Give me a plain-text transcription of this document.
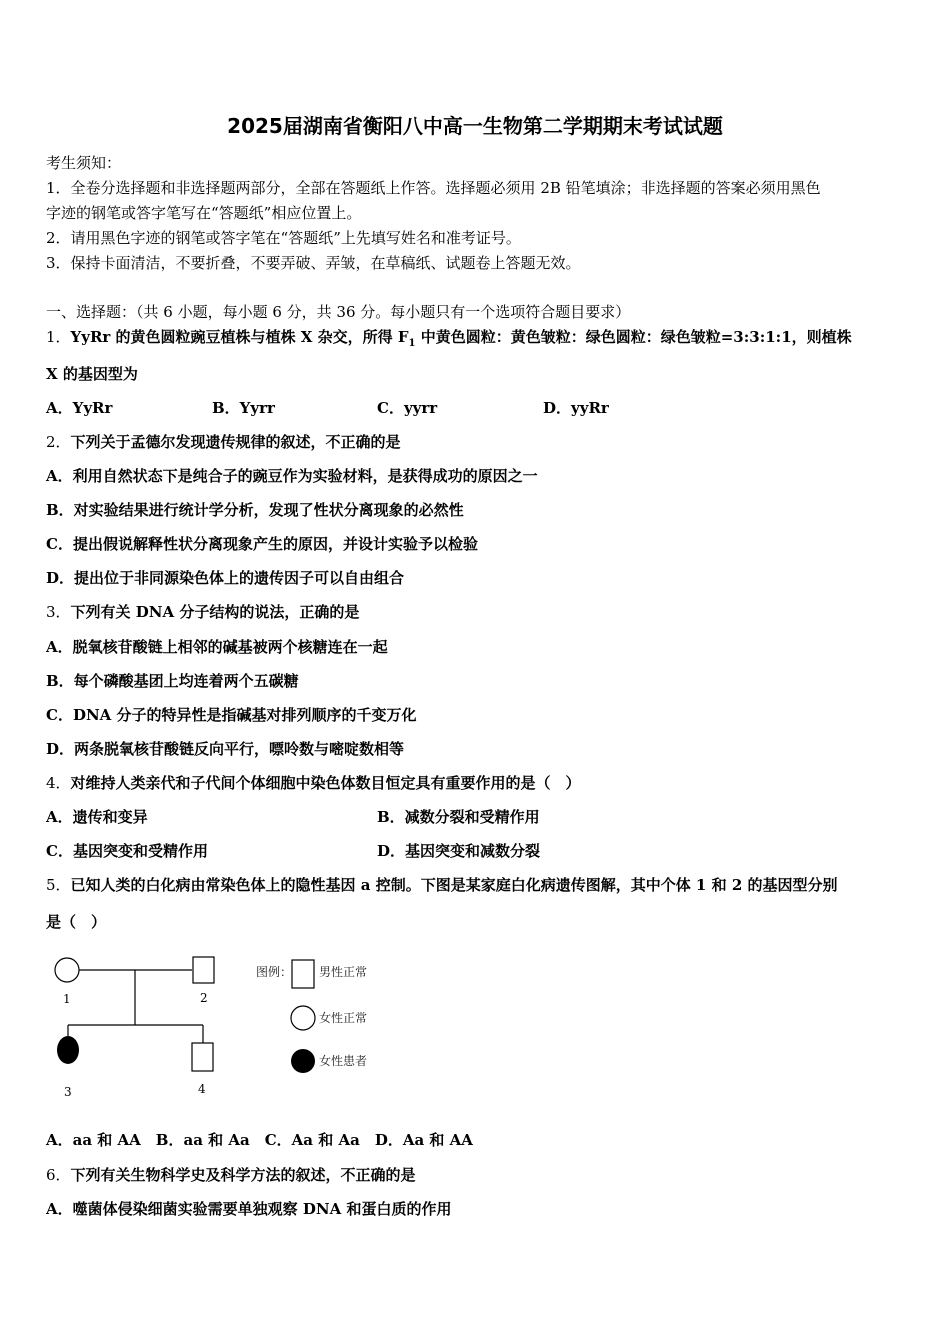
2025届湖南省衡阳八中高一生物第二学期期末考试试题
考生须知：
1．全卷分选择题和非选择题两部分，全部在答题纸上作答。选择题必须用 2B 铅笔填涂；非选择题的答案必须用黑色
字迹的钢笔或答字笔写在“答题纸”相应位置上。
2．请用黑色字迹的钢笔或答字笔在“答题纸”上先填写姓名和准考证号。
3．保持卡面清洁，不要折叠，不要弄破、弄皱，在草稿纸、试题卷上答题无效。
一、选择题：（共 6 小题，每小题 6 分，共 36 分。每小题只有一个选项符合题目要求）
1．YyRr 的黄色圆粒豌豆植株与植株 X 杂交，所得 $F_1$ 中黄色圆粒：黄色皱粒：绿色圆粒：绿色皱粒=3:3:1:1，则植株
X 的基因型为
A．YyRr	B．Yyrr	C．yyrr	D．yyRr
2．下列关于孟德尔发现遗传规律的叙述，不正确的是
A．利用自然状态下是纯合子的豌豆作为实验材料，是获得成功的原因之一
B．对实验结果进行统计学分析，发现了性状分离现象的必然性
C．提出假说解释性状分离现象产生的原因，并设计实验予以检验
D．提出位于非同源染色体上的遗传因子可以自由组合
3．下列有关 DNA 分子结构的说法，正确的是
A．脱氧核苷酸链上相邻的碱基被两个核糖连在一起
B．每个磷酸基团上均连着两个五碳糖
C．DNA 分子的特异性是指碱基对排列顺序的千变万化
D．两条脱氧核苷酸链反向平行，嘌呤数与嘧啶数相等
4．对维持人类亲代和子代间个体细胞中染色体数目恒定具有重要作用的是（　）
A．遗传和变异	B．减数分裂和受精作用
C．基因突变和受精作用	D．基因突变和减数分裂
5．已知人类的白化病由常染色体上的隐性基因 a 控制。下图是某家庭白化病遗传图解，其中个体 1 和 2 的基因型分别
是（　）
1	2
3	4
图例： 男性正常
女性正常
女性患者
A．aa 和 AA　B．aa 和 Aa　C．Aa 和 Aa　D．Aa 和 AA
6．下列有关生物科学史及科学方法的叙述，不正确的是
A．噬菌体侵染细菌实验需要单独观察 DNA 和蛋白质的作用
